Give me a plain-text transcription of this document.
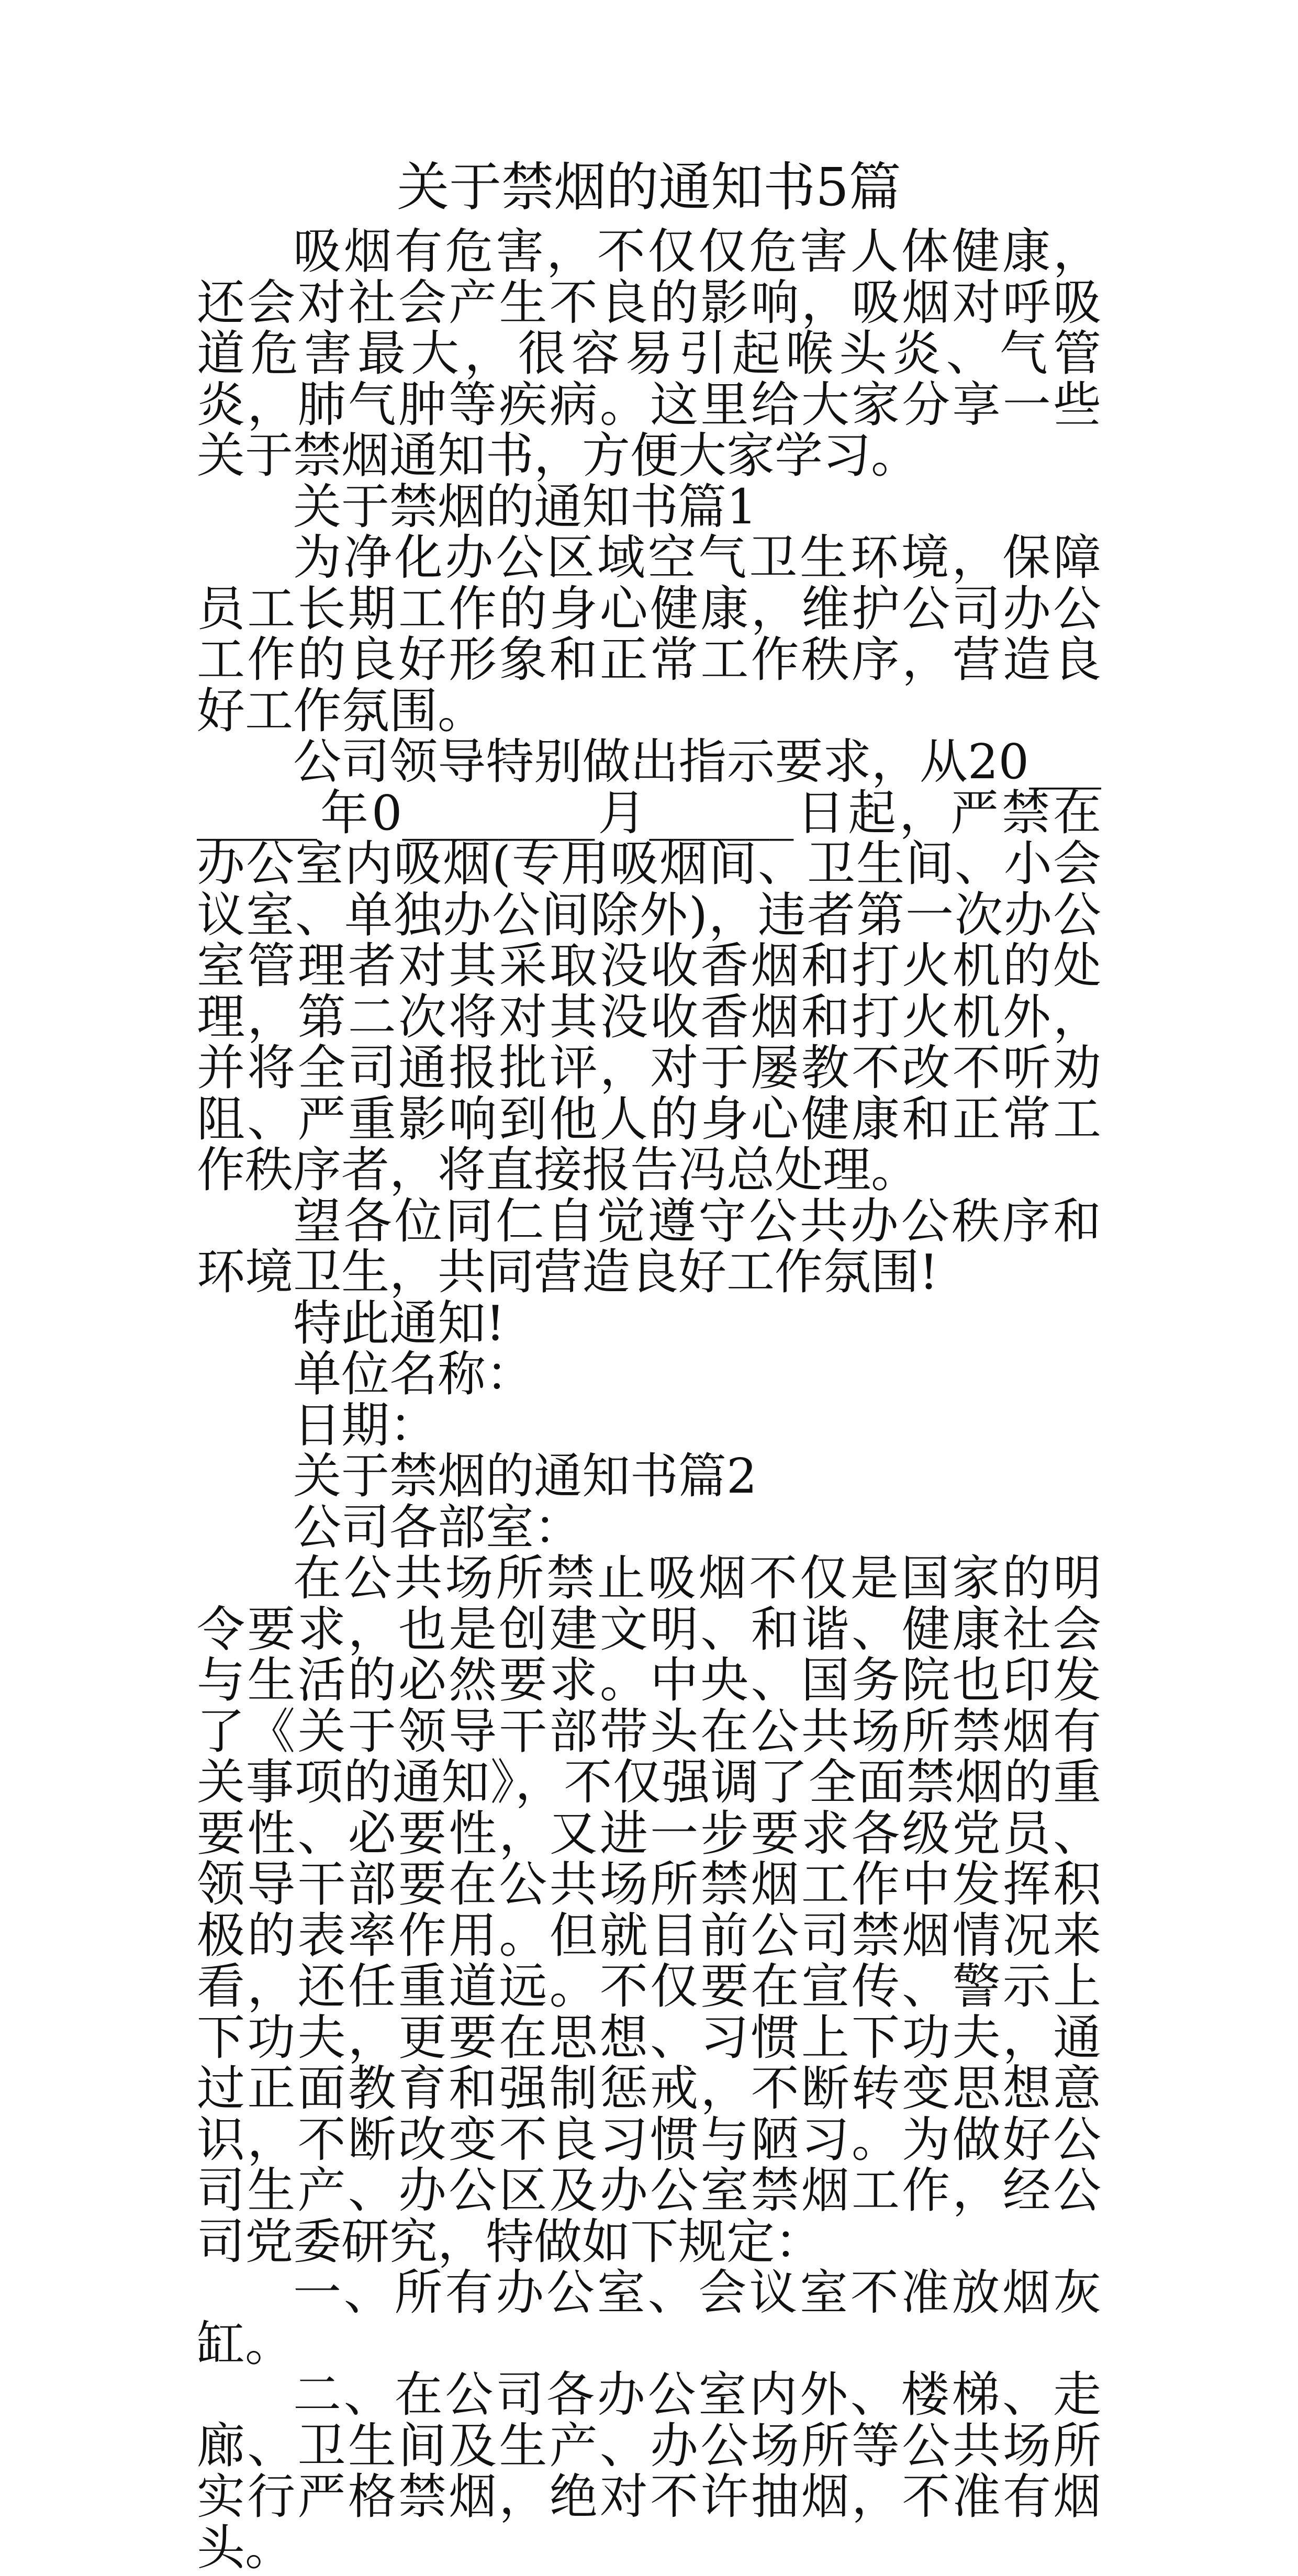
关于禁烟的通知书5篇

吸烟有危害，不仅仅危害人体健康，还会对社会产生不良的影响，吸烟对呼吸道危害最大，很容易引起喉头炎、气管炎，肺气肿等疾病。这里给大家分享一些关于禁烟通知书，方便大家学习。

关于禁烟的通知书篇1

为净化办公区域空气卫生环境，保障员工长期工作的身心健康，维护公司办公工作的良好形象和正常工作秩序，营造良好工作氛围。

公司领导特别做出指示要求，从20________年0________月______日起，严禁在办公室内吸烟(专用吸烟间、卫生间、小会议室、单独办公间除外)，违者第一次办公室管理者对其采取没收香烟和打火机的处理，第二次将对其没收香烟和打火机外，并将全司通报批评，对于屡教不改不听劝阻、严重影响到他人的身心健康和正常工作秩序者，将直接报告冯总处理。

望各位同仁自觉遵守公共办公秩序和环境卫生，共同营造良好工作氛围!

特此通知!

单位名称：

日期：

关于禁烟的通知书篇2

公司各部室：

在公共场所禁止吸烟不仅是国家的明令要求，也是创建文明、和谐、健康社会与生活的必然要求。中央、国务院也印发了《关于领导干部带头在公共场所禁烟有关事项的通知》，不仅强调了全面禁烟的重要性、必要性，又进一步要求各级党员、领导干部要在公共场所禁烟工作中发挥积极的表率作用。但就目前公司禁烟情况来看，还任重道远。不仅要在宣传、警示上下功夫，更要在思想、习惯上下功夫，通过正面教育和强制惩戒，不断转变思想意识，不断改变不良习惯与陋习。为做好公司生产、办公区及办公室禁烟工作，经公司党委研究，特做如下规定：

一、所有办公室、会议室不准放烟灰缸。

二、在公司各办公室内外、楼梯、走廊、卫生间及生产、办公场所等公共场所实行严格禁烟，绝对不许抽烟，不准有烟头。
